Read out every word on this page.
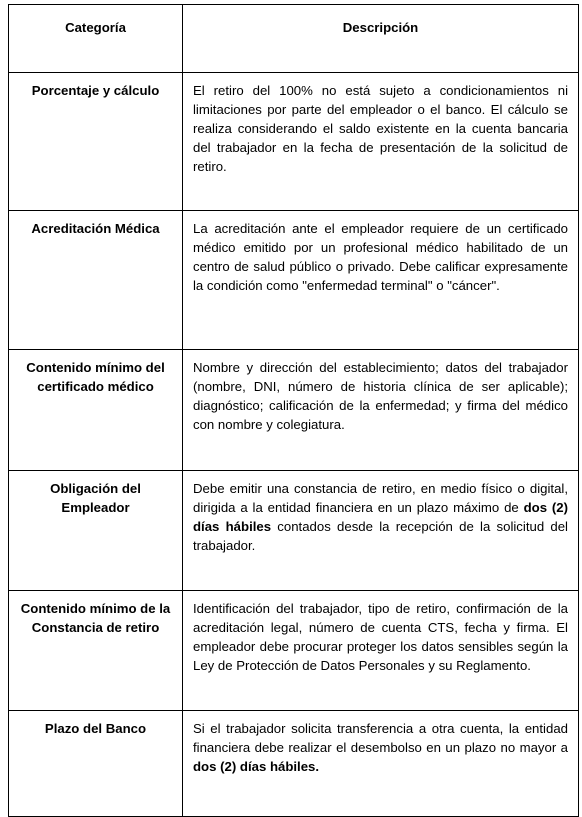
Categoría	Descripción
Porcentaje y cálculo	El retiro del 100% no está sujeto a condicionamientos ni limitaciones por parte del empleador o el banco. El cálculo se realiza considerando el saldo existente en la cuenta bancaria del trabajador en la fecha de presentación de la solicitud de retiro.
Acreditación Médica	La acreditación ante el empleador requiere de un certificado médico emitido por un profesional médico habilitado de un centro de salud público o privado. Debe calificar expresamente la condición como "enfermedad terminal" o "cáncer".
Contenido mínimo del certificado médico	Nombre y dirección del establecimiento; datos del trabajador (nombre, DNI, número de historia clínica de ser aplicable); diagnóstico; calificación de la enfermedad; y firma del médico con nombre y colegiatura.
Obligación del Empleador	Debe emitir una constancia de retiro, en medio físico o digital, dirigida a la entidad financiera en un plazo máximo de dos (2) días hábiles contados desde la recepción de la solicitud del trabajador.
Contenido mínimo de la Constancia de retiro	Identificación del trabajador, tipo de retiro, confirmación de la acreditación legal, número de cuenta CTS, fecha y firma. El empleador debe procurar proteger los datos sensibles según la Ley de Protección de Datos Personales y su Reglamento.
Plazo del Banco	Si el trabajador solicita transferencia a otra cuenta, la entidad financiera debe realizar el desembolso en un plazo no mayor a dos (2) días hábiles.
